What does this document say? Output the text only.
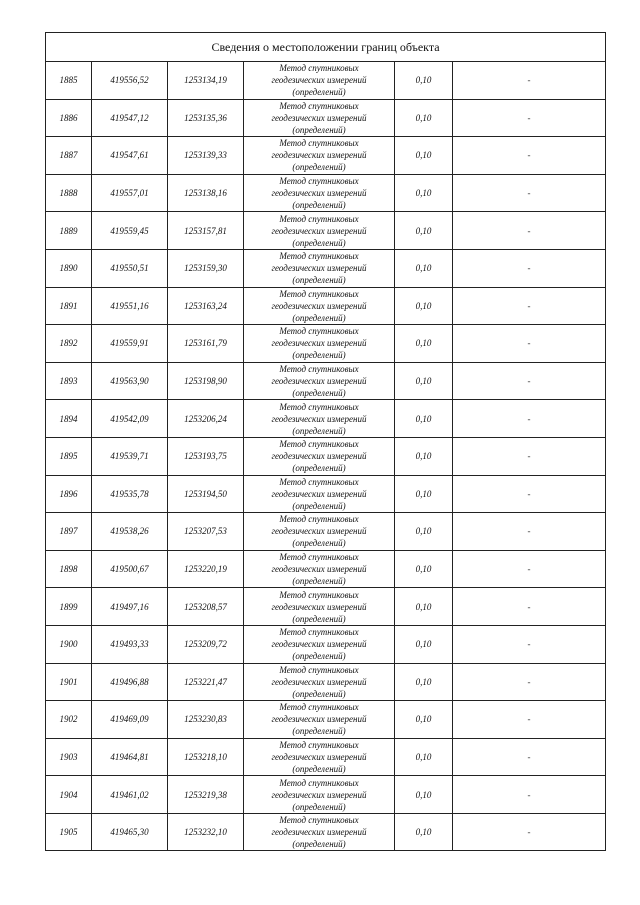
Сведения о местоположении границ объекта					
1885	419556,52	1253134,19	Метод спутниковых
геодезических измерений
(определений)	0,10	-
1886	419547,12	1253135,36	Метод спутниковых
геодезических измерений
(определений)	0,10	-
1887	419547,61	1253139,33	Метод спутниковых
геодезических измерений
(определений)	0,10	-
1888	419557,01	1253138,16	Метод спутниковых
геодезических измерений
(определений)	0,10	-
1889	419559,45	1253157,81	Метод спутниковых
геодезических измерений
(определений)	0,10	-
1890	419550,51	1253159,30	Метод спутниковых
геодезических измерений
(определений)	0,10	-
1891	419551,16	1253163,24	Метод спутниковых
геодезических измерений
(определений)	0,10	-
1892	419559,91	1253161,79	Метод спутниковых
геодезических измерений
(определений)	0,10	-
1893	419563,90	1253198,90	Метод спутниковых
геодезических измерений
(определений)	0,10	-
1894	419542,09	1253206,24	Метод спутниковых
геодезических измерений
(определений)	0,10	-
1895	419539,71	1253193,75	Метод спутниковых
геодезических измерений
(определений)	0,10	-
1896	419535,78	1253194,50	Метод спутниковых
геодезических измерений
(определений)	0,10	-
1897	419538,26	1253207,53	Метод спутниковых
геодезических измерений
(определений)	0,10	-
1898	419500,67	1253220,19	Метод спутниковых
геодезических измерений
(определений)	0,10	-
1899	419497,16	1253208,57	Метод спутниковых
геодезических измерений
(определений)	0,10	-
1900	419493,33	1253209,72	Метод спутниковых
геодезических измерений
(определений)	0,10	-
1901	419496,88	1253221,47	Метод спутниковых
геодезических измерений
(определений)	0,10	-
1902	419469,09	1253230,83	Метод спутниковых
геодезических измерений
(определений)	0,10	-
1903	419464,81	1253218,10	Метод спутниковых
геодезических измерений
(определений)	0,10	-
1904	419461,02	1253219,38	Метод спутниковых
геодезических измерений
(определений)	0,10	-
1905	419465,30	1253232,10	Метод спутниковых
геодезических измерений
(определений)	0,10	-
